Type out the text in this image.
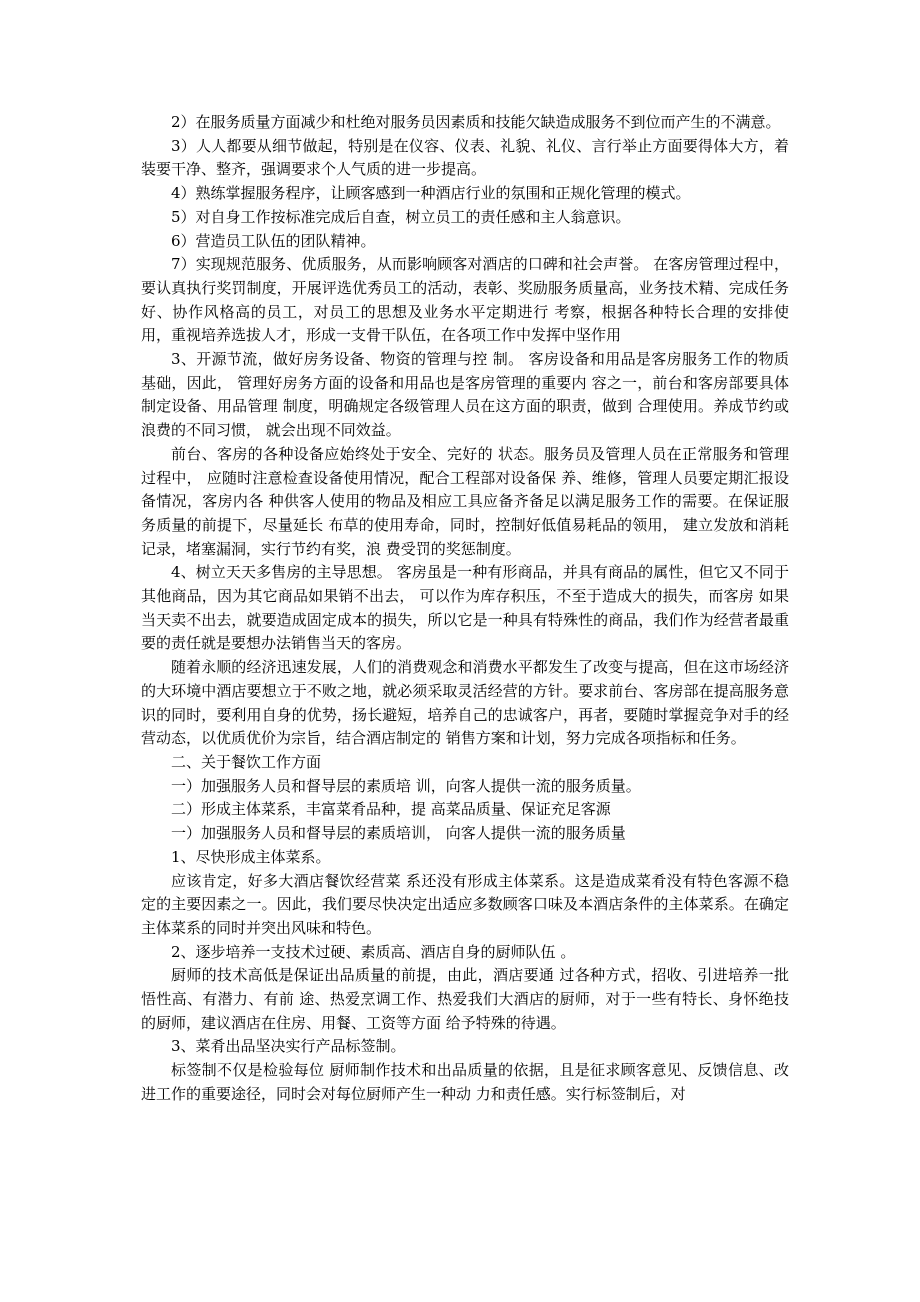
2）在服务质量方面减少和杜绝对服务员因素质和技能欠缺造成服务不到位而产生的不满意。

3）人人都要从细节做起，特别是在仪容、仪表、礼貌、礼仪、言行举止方面要得体大方，着装要干净、整齐，强调要求个人气质的进一步提高。

4）熟练掌握服务程序，让顾客感到一种酒店行业的氛围和正规化管理的模式。

5）对自身工作按标准完成后自查，树立员工的责任感和主人翁意识。

6）营造员工队伍的团队精神。

7）实现规范服务、优质服务，从而影响顾客对酒店的口碑和社会声誉。 在客房管理过程中，要认真执行奖罚制度，开展评选优秀员工的活动，表彰、奖励服务质量高，业务技术精、完成任务好、协作风格高的员工，对员工的思想及业务水平定期进行 考察，根据各种特长合理的安排使用，重视培养选拔人才，形成一支骨干队伍，在各项工作中发挥中坚作用

3、开源节流，做好房务设备、物资的管理与控 制。 客房设备和用品是客房服务工作的物质基础，因此， 管理好房务方面的设备和用品也是客房管理的重要内 容之一，前台和客房部要具体制定设备、用品管理 制度，明确规定各级管理人员在这方面的职责，做到 合理使用。养成节约或浪费的不同习惯， 就会出现不同效益。

前台、客房的各种设备应始终处于安全、完好的 状态。服务员及管理人员在正常服务和管理过程中， 应随时注意检查设备使用情况，配合工程部对设备保 养、维修，管理人员要定期汇报设备情况，客房内各 种供客人使用的物品及相应工具应备齐备足以满足服务工作的需要。在保证服务质量的前提下，尽量延长 布草的使用寿命，同时，控制好低值易耗品的领用， 建立发放和消耗记录，堵塞漏洞，实行节约有奖，浪 费受罚的奖惩制度。

4、树立天天多售房的主导思想。 客房虽是一种有形商品，并具有商品的属性，但它又不同于其他商品，因为其它商品如果销不出去， 可以作为库存积压，不至于造成大的损失，而客房 如果当天卖不出去，就要造成固定成本的损失，所以它是一种具有特殊性的商品，我们作为经营者最重要的责任就是要想办法销售当天的客房。

随着永顺的经济迅速发展，人们的消费观念和消费水平都发生了改变与提高，但在这市场经济的大环境中酒店要想立于不败之地，就必须采取灵活经营的方针。要求前台、客房部在提高服务意识的同时，要利用自身的优势，扬长避短，培养自己的忠诚客户，再者，要随时掌握竞争对手的经营动态，以优质优价为宗旨，结合酒店制定的 销售方案和计划，努力完成各项指标和任务。

二、关于餐饮工作方面

一）加强服务人员和督导层的素质培 训，向客人提供一流的服务质量。

二）形成主体菜系，丰富菜肴品种，提 高菜品质量、保证充足客源

一）加强服务人员和督导层的素质培训， 向客人提供一流的服务质量

1、尽快形成主体菜系。

应该肯定，好多大酒店餐饮经营菜 系还没有形成主体菜系。这是造成菜肴没有特色客源不稳定的主要因素之一。因此，我们要尽快决定出适应多数顾客口味及本酒店条件的主体菜系。在确定主体菜系的同时并突出风味和特色。

2、逐步培养一支技术过硬、素质高、酒店自身的厨师队伍 。

厨师的技术高低是保证出品质量的前提，由此，酒店要通 过各种方式，招收、引进培养一批悟性高、有潜力、有前 途、热爱烹调工作、热爱我们大酒店的厨师，对于一些有特长、身怀绝技的厨师，建议酒店在住房、用餐、工资等方面 给予特殊的待遇。

3、菜肴出品坚决实行产品标签制。

标签制不仅是检验每位 厨师制作技术和出品质量的依据，且是征求顾客意见、反馈信息、改进工作的重要途径，同时会对每位厨师产生一种动 力和责任感。实行标签制后，对
